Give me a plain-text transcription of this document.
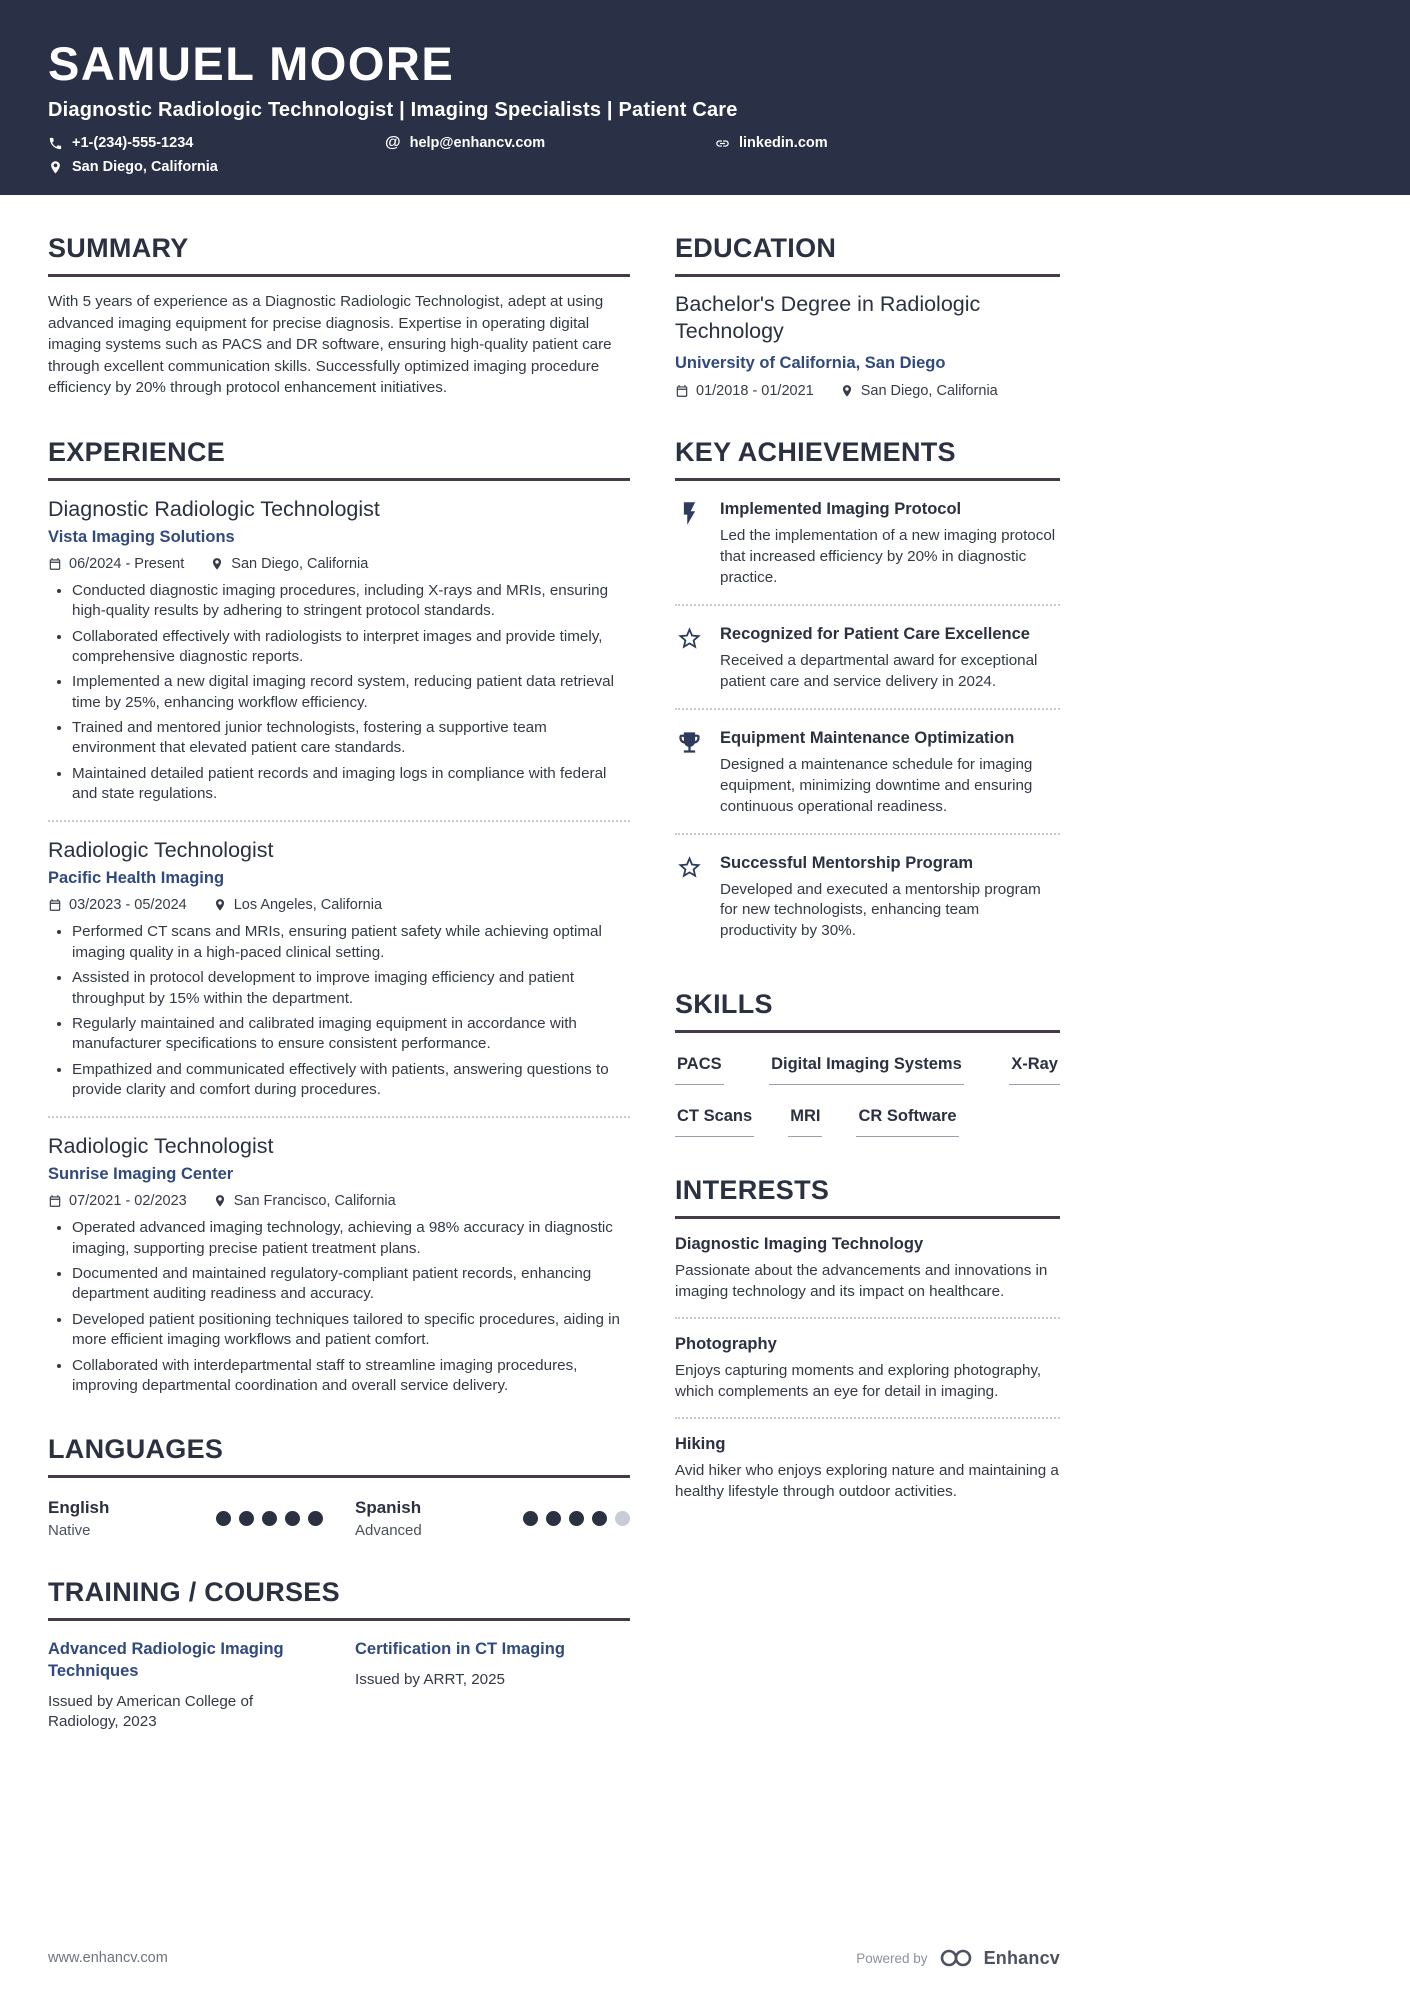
SAMUEL MOORE
Diagnostic Radiologic Technologist | Imaging Specialists | Patient Care
+1-(234)-555-1234	@ help@enhancv.com	linkedin.com
San Diego, California
SUMMARY

With 5 years of experience as a Diagnostic Radiologic Technologist, adept at using advanced imaging equipment for precise diagnosis. Expertise in operating digital imaging systems such as PACS and DR software, ensuring high-quality patient care through excellent communication skills. Successfully optimized imaging procedure efficiency by 20% through protocol enhancement initiatives.

EXPERIENCE
Diagnostic Radiologic Technologist
Vista Imaging Solutions
06/2024 - Present	San Diego, California
• Conducted diagnostic imaging procedures, including X-rays and MRIs, ensuring high-quality results by adhering to stringent protocol standards.
• Collaborated effectively with radiologists to interpret images and provide timely, comprehensive diagnostic reports.
• Implemented a new digital imaging record system, reducing patient data retrieval time by 25%, enhancing workflow efficiency.
• Trained and mentored junior technologists, fostering a supportive team environment that elevated patient care standards.
• Maintained detailed patient records and imaging logs in compliance with federal and state regulations.
Radiologic Technologist
Pacific Health Imaging
03/2023 - 05/2024	Los Angeles, California
• Performed CT scans and MRIs, ensuring patient safety while achieving optimal imaging quality in a high-paced clinical setting.
• Assisted in protocol development to improve imaging efficiency and patient throughput by 15% within the department.
• Regularly maintained and calibrated imaging equipment in accordance with manufacturer specifications to ensure consistent performance.
• Empathized and communicated effectively with patients, answering questions to provide clarity and comfort during procedures.
Radiologic Technologist
Sunrise Imaging Center
07/2021 - 02/2023	San Francisco, California
• Operated advanced imaging technology, achieving a 98% accuracy in diagnostic imaging, supporting precise patient treatment plans.
• Documented and maintained regulatory-compliant patient records, enhancing department auditing readiness and accuracy.
• Developed patient positioning techniques tailored to specific procedures, aiding in more efficient imaging workflows and patient comfort.
• Collaborated with interdepartmental staff to streamline imaging procedures, improving departmental coordination and overall service delivery.
LANGUAGES
English
Native
Spanish
Advanced
TRAINING / COURSES
Advanced Radiologic Imaging Techniques
Issued by American College of Radiology, 2023
Certification in CT Imaging
Issued by ARRT, 2025
EDUCATION
Bachelor's Degree in Radiologic Technology
University of California, San Diego
01/2018 - 01/2021	San Diego, California
KEY ACHIEVEMENTS
Implemented Imaging Protocol
Led the implementation of a new imaging protocol that increased efficiency by 20% in diagnostic practice.
Recognized for Patient Care Excellence
Received a departmental award for exceptional patient care and service delivery in 2024.
Equipment Maintenance Optimization
Designed a maintenance schedule for imaging equipment, minimizing downtime and ensuring continuous operational readiness.
Successful Mentorship Program
Developed and executed a mentorship program for new technologists, enhancing team productivity by 30%.
SKILLS
PACS	Digital Imaging Systems	X-Ray
CT Scans MRI CR Software
INTERESTS
Diagnostic Imaging Technology
Passionate about the advancements and innovations in imaging technology and its impact on healthcare.
Photography
Enjoys capturing moments and exploring photography, which complements an eye for detail in imaging.
Hiking
Avid hiker who enjoys exploring nature and maintaining a healthy lifestyle through outdoor activities.
www.enhancv.com	Powered by	Enhancv
